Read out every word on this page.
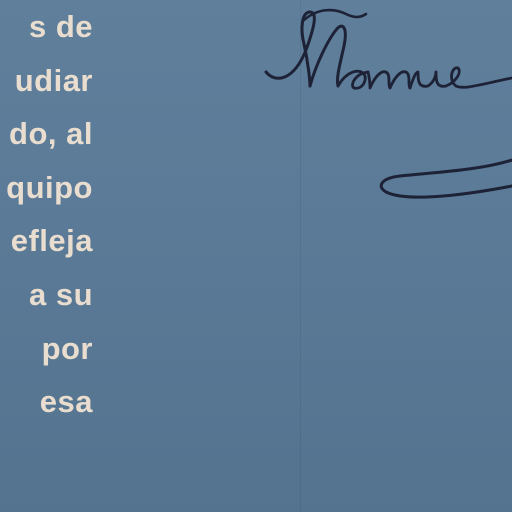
s de
udiar
do, al
quipo
efleja
a su
por
esa
